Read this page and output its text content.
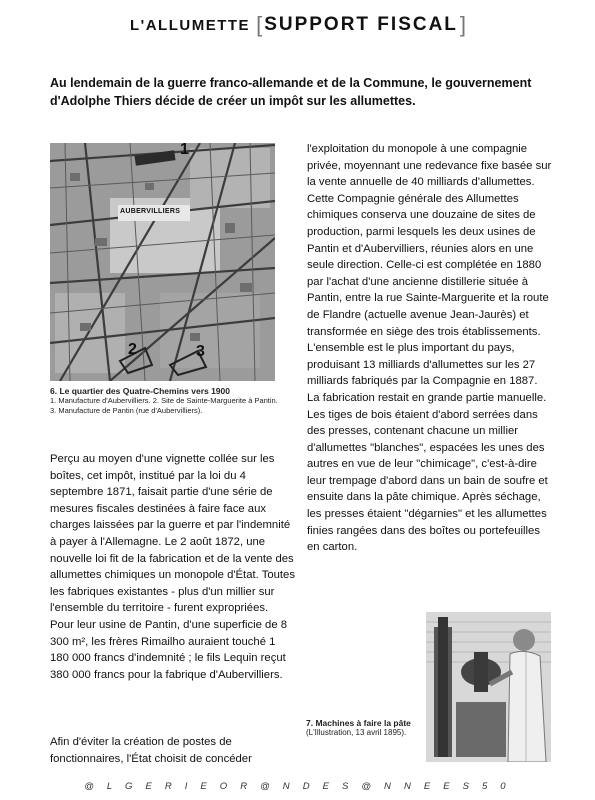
L'ALLUMETTE [ SUPPORT FISCAL ]
Au lendemain de la guerre franco-allemande et de la Commune, le gouvernement d'Adolphe Thiers décide de créer un impôt sur les allumettes.
AUBERVILLIERS
1
2	3
6. Le quartier des Quatre-Chemins vers 1900
1. Manufacture d'Aubervilliers. 2. Site de Sainte-Marguerite à Pantin. 3. Manufacture de Pantin (rue d'Aubervilliers).
Perçu au moyen d'une vignette collée sur les boîtes, cet impôt, institué par la loi du 4 septembre 1871, faisait partie d'une série de mesures fiscales destinées à faire face aux charges laissées par la guerre et par l'indemnité à payer à l'Allemagne. Le 2 août 1872, une nouvelle loi fit de la fabrication et de la vente des allumettes chimiques un monopole d'État. Toutes les fabriques existantes - plus d'un millier sur l'ensemble du territoire - furent expropriées. Pour leur usine de Pantin, d'une superficie de 8 300 m², les frères Rimailho auraient touché 1 180 000 francs d'indemnité ; le fils Lequin reçut 380 000 francs pour la fabrique d'Aubervilliers.
Afin d'éviter la création de postes de fonctionnaires, l'État choisit de concéder

l'exploitation du monopole à une compagnie privée, moyennant une redevance fixe basée sur la vente annuelle de 40 milliards d'allumettes. Cette Compagnie générale des Allumettes chimiques conserva une douzaine de sites de production, parmi lesquels les deux usines de Pantin et d'Aubervilliers, réunies alors en une seule direction. Celle-ci est complétée en 1880 par l'achat d'une ancienne distillerie située à Pantin, entre la rue Sainte-Marguerite et la route de Flandre (actuelle avenue Jean-Jaurès) et transformée en siège des trois établissements. L'ensemble est le plus important du pays, produisant 13 milliards d'allumettes sur les 27 milliards fabriqués par la Compagnie en 1887.

La fabrication restait en grande partie manuelle. Les tiges de bois étaient d'abord serrées dans des presses, contenant chacune un millier d'allumettes "blanches", espacées les unes des autres en vue de leur "chimicage", c'est-à-dire leur trempage d'abord dans un bain de soufre et ensuite dans la pâte chimique. Après séchage, les presses étaient "dégarnies" et les allumettes finies rangées dans des boîtes ou portefeuilles en carton.

7. Machines à faire la pâte
(L'Illustration, 13 avril 1895).
@ L G E R I E O R @ N D E S @ N N E E S 5 0
